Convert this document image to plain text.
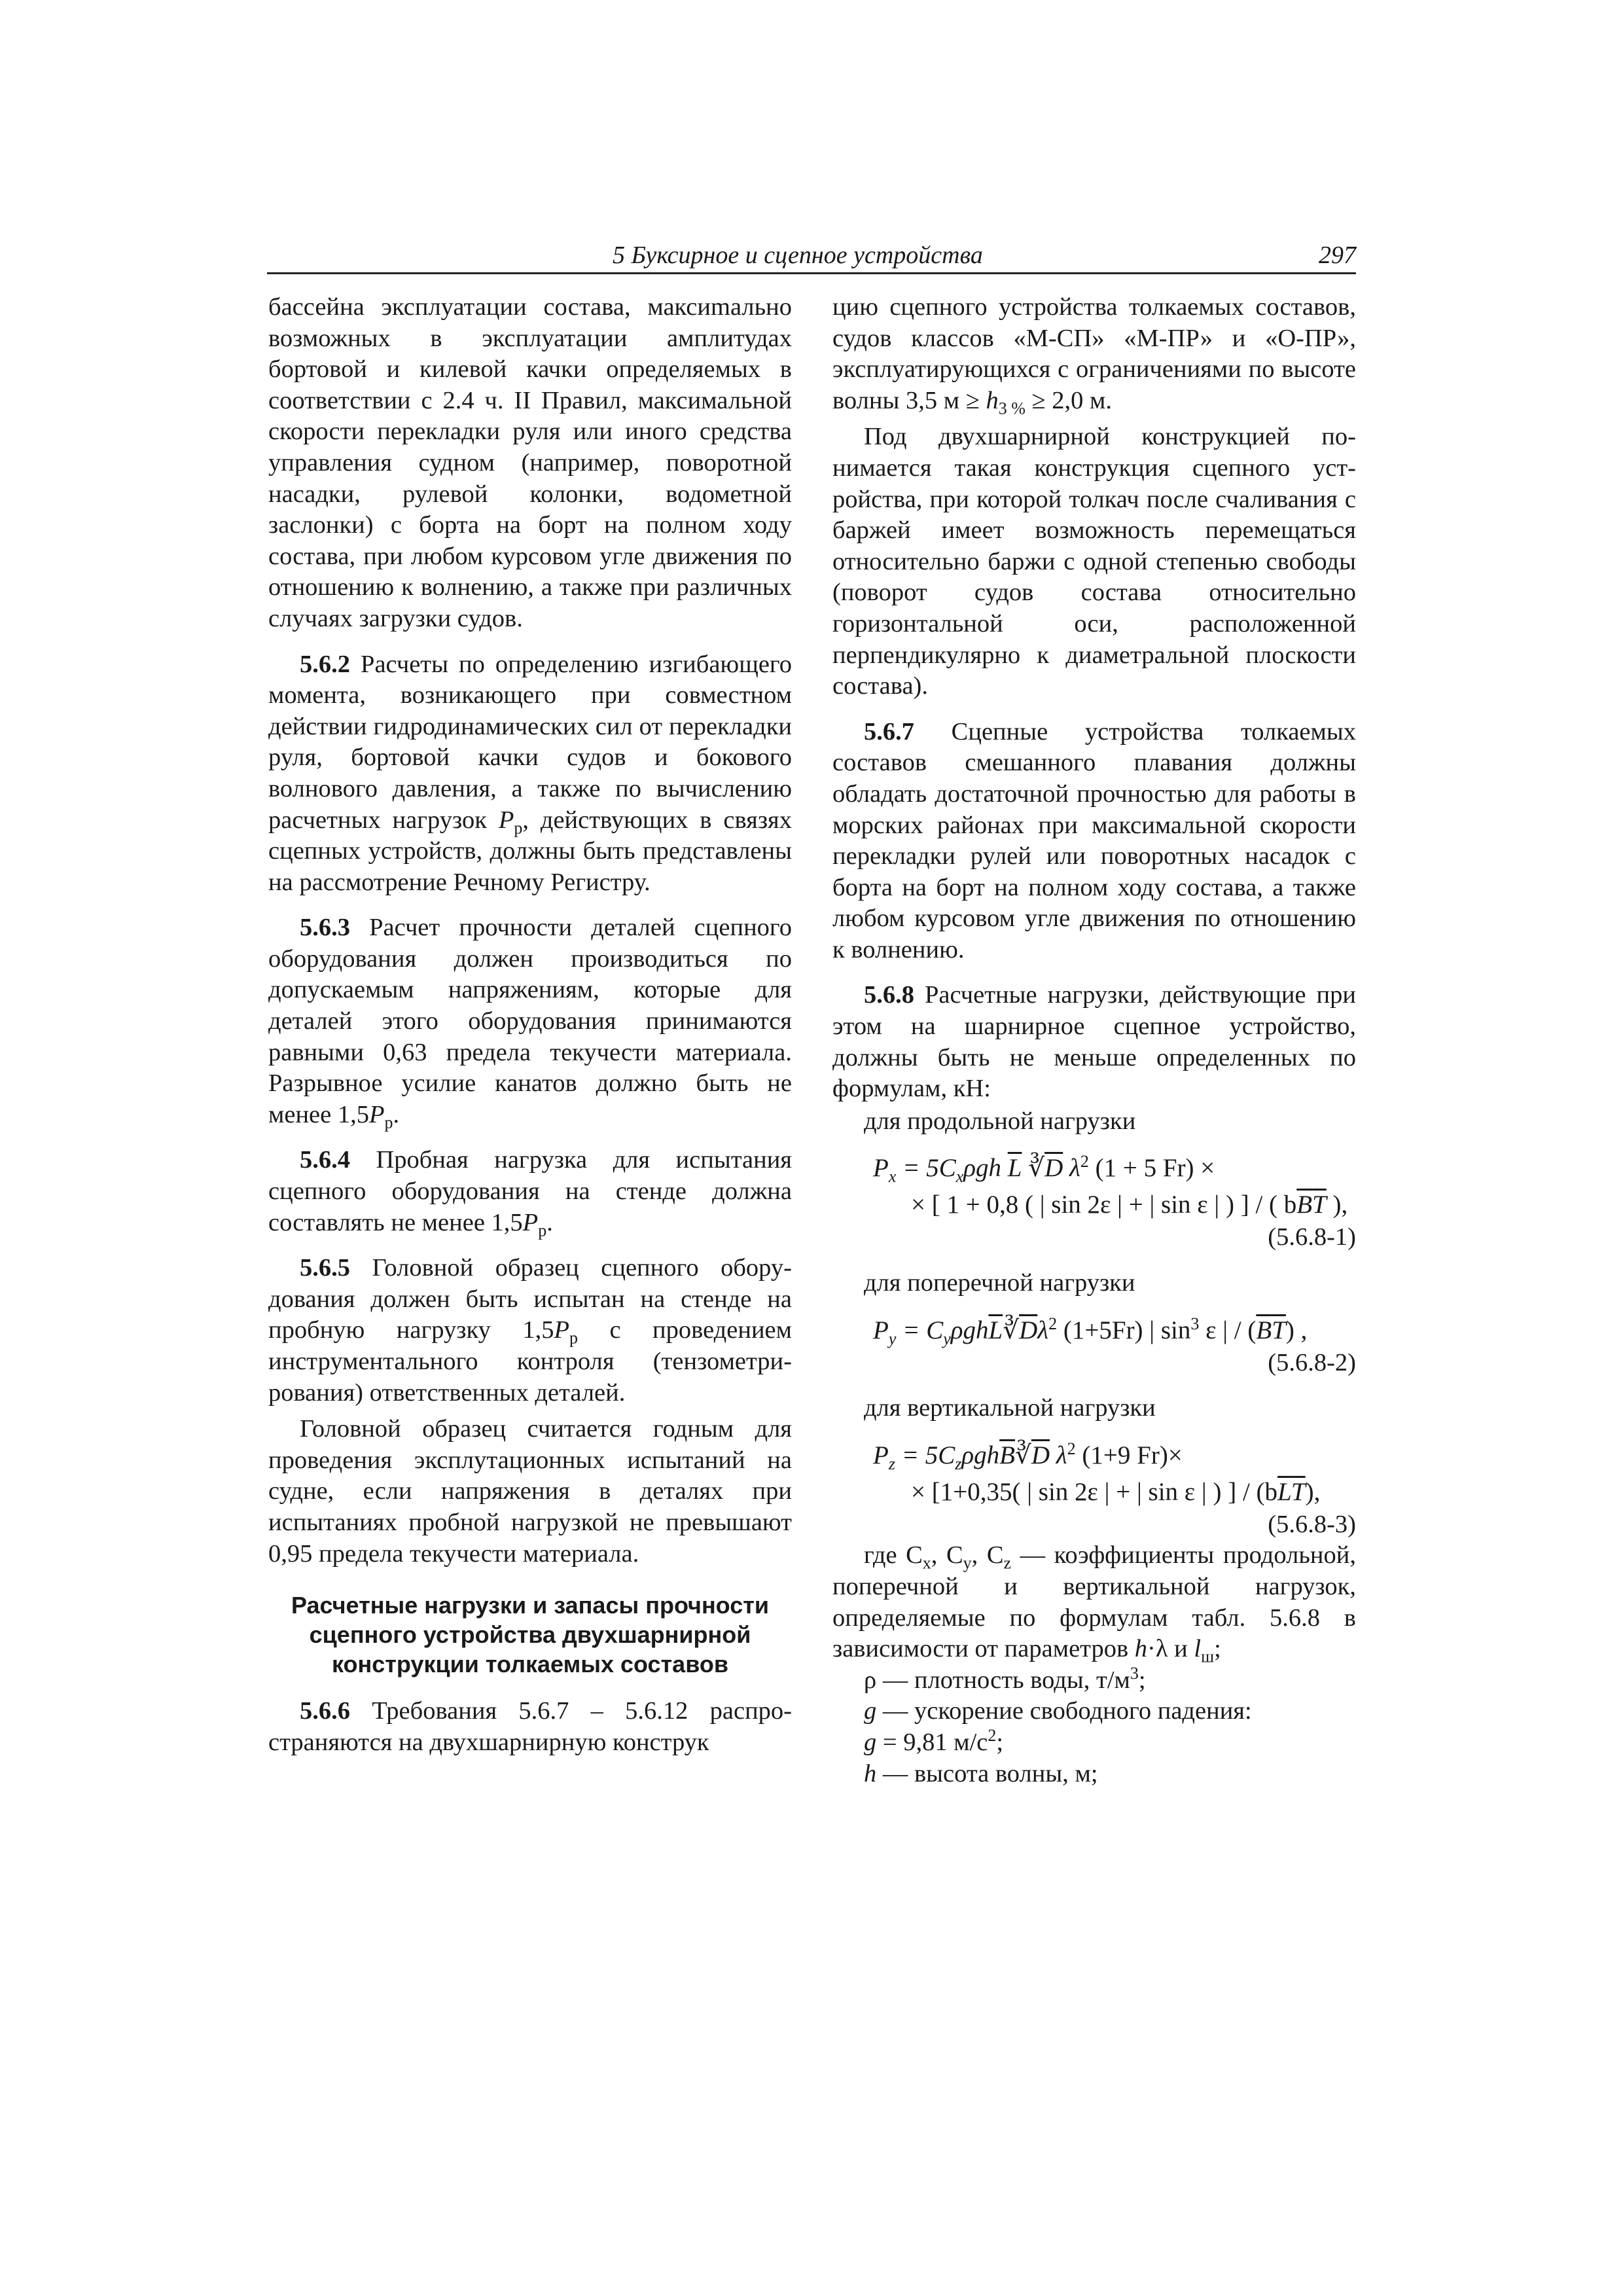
5 Буксирное и сцепное устройства	297

бассейна эксплуатации состава, максиmально возможных в эксплуатации амплитудах бортовой и килевой качки определяемых в соответствии с 2.4 ч. II Правил, максимальной скорости перекладки руля или иного средства управления судном (например, поворотной насадки, рулевой колонки, водометной заслонки) с борта на борт на полном ходу состава, при любом курсовом угле движения по отношению к волнению, а также при различных случаях загрузки судов.

5.6.2 Расчеты по определению изгибающего момента, возникающего при совместном действии гидродинамических сил от перекладки руля, бортовой качки судов и бокового волнового давления, а также по вычислению расчетных нагрузок $P_р$, действующих в связях сцепных устройств, должны быть представлены на рассмотрение Речному Регистру.

5.6.3 Расчет прочности деталей сцепного оборудования должен производиться по допускаемым напряжениям, которые для деталей этого оборудования принимаются равными 0,63 предела текучести материала. Разрывное усилие канатов должно быть не менее $1,5P_р$.

5.6.4 Пробная нагрузка для испытания сцепного оборудования на стенде должна составлять не менее $1,5P_р$.

5.6.5 Головной образец сцепного оборудования должен быть испытан на стенде на пробную нагрузку $1,5P_р$ с проведением инструментального контроля (тензометрирования) ответственных деталей.

Головной образец считается годным для проведения эксплутационных испытаний на судне, если напряжения в деталях при испытаниях пробной нагрузкой не превышают 0,95 предела текучести материала.

Расчетные нагрузки и запасы прочности
сцепного устройства двухшарнирной
конструкции толкаемых составов

5.6.6 Требования 5.6.7 – 5.6.12 распространяются на двухшарнирную конструк

цию сцепного устройства толкаемых составов, судов классов «М-СП» «М-ПР» и «О-ПР», эксплуатирующихся с ограничениями по высоте волны 3,5 $м \ge h_{3 \%} \ge 2,0$ м.

Под двухшарнирной конструкцией понимается такая конструкция сцепного устройства, при которой толкач после счаливания с баржей имеет возможность перемещаться относительно баржи с одной степенью свободы (поворот судов состава относительно горизонтальной оси, расположенной перпендикулярно к диаметральной плоскости состава).

5.6.7 Сцепные устройства толкаемых составов смешанного плавания должны обладать достаточной прочностью для работы в морских районах при максимальной скорости перекладки рулей или поворотных насадок с борта на борт на полном ходу состава, а также любом курсовом угле движения по отношению к волнению.

5.6.8 Расчетные нагрузки, действующие при этом на шарнирное сцепное устройство, должны быть не меньше определенных по формулам, кН:

для продольной нагрузки

$P_x = 5C_x\rho gh$ $\overline{L}$ $∛\overline{D}$ $\lambda^2$ (1 + 5 Fr) ×
× [ 1 + 0,8 ( | sin 2ε | + | sin ε | ) ] / ( $b\overline{B}\overline{T}$ ),

(5.6.8-1)

для поперечной нагрузки

$P_y$ = $C_y\rho gh\overline{L}∛\overline{D}\lambda^2$ (1+5Fr) | $\sin^3 \varepsilon$ | / $(\overline{B}\overline{T})$ ,

(5.6.8-2)

для вертикальной нагрузки

$P_z$ = $5C_z\rho gh\overline{B}∛\overline{D}$ $\lambda^2$ (1+9 Fr)×
× [1+0,35( | sin 2ε | + | sin ε | ) ] / $(b\overline{L}\overline{T})$,

(5.6.8-3)

где $C_x$, $C_y$, $C_z$ — коэффициенты продольной, поперечной и вертикальной нагрузок, определяемые по формулам табл. 5.6.8 в зависимости от параметров h·λ и $l_ш$;

ρ — плотность воды, $т/м^3$;

g — ускорение свободного падения:

g = 9,81 $м/с^2$;

h — высота волны, м;
